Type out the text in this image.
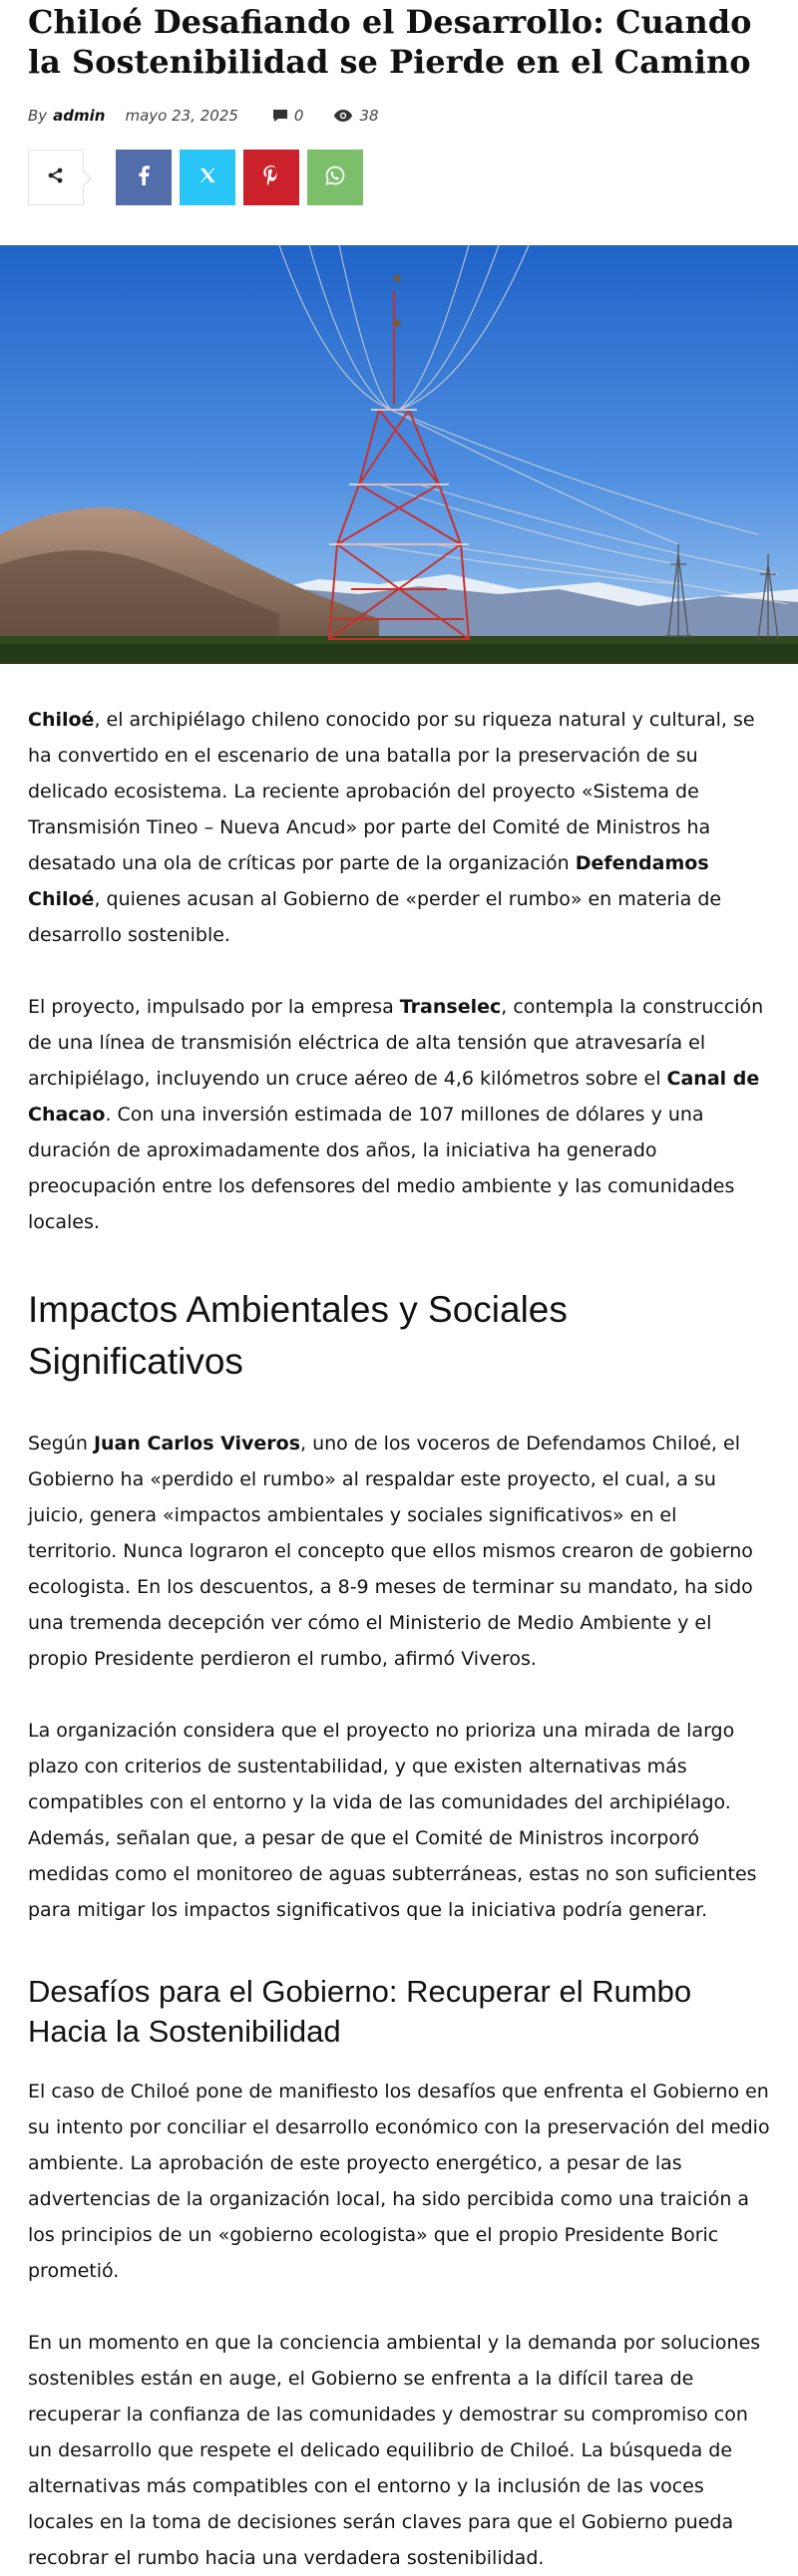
Chiloé Desafiando el Desarrollo: Cuando la Sostenibilidad se Pierde en el Camino
By admin mayo 23, 2025	0	38

Chiloé, el archipiélago chileno conocido por su riqueza natural y cultural, se ha convertido en el escenario de una batalla por la preservación de su delicado ecosistema. La reciente aprobación del proyecto «Sistema de Transmisión Tineo – Nueva Ancud» por parte del Comité de Ministros ha desatado una ola de críticas por parte de la organización Defendamos Chiloé, quienes acusan al Gobierno de «perder el rumbo» en materia de desarrollo sostenible.

El proyecto, impulsado por la empresa Transelec, contempla la construcción de una línea de transmisión eléctrica de alta tensión que atravesaría el archipiélago, incluyendo un cruce aéreo de 4,6 kilómetros sobre el Canal de Chacao. Con una inversión estimada de 107 millones de dólares y una duración de aproximadamente dos años, la iniciativa ha generado preocupación entre los defensores del medio ambiente y las comunidades locales.

Impactos Ambientales y Sociales Significativos

Según Juan Carlos Viveros, uno de los voceros de Defendamos Chiloé, el Gobierno ha «perdido el rumbo» al respaldar este proyecto, el cual, a su juicio, genera «impactos ambientales y sociales significativos» en el territorio. Nunca lograron el concepto que ellos mismos crearon de gobierno ecologista. En los descuentos, a 8-9 meses de terminar su mandato, ha sido una tremenda decepción ver cómo el Ministerio de Medio Ambiente y el propio Presidente perdieron el rumbo, afirmó Viveros.

La organización considera que el proyecto no prioriza una mirada de largo plazo con criterios de sustentabilidad, y que existen alternativas más compatibles con el entorno y la vida de las comunidades del archipiélago. Además, señalan que, a pesar de que el Comité de Ministros incorporó medidas como el monitoreo de aguas subterráneas, estas no son suficientes para mitigar los impactos significativos que la iniciativa podría generar.

Desafíos para el Gobierno: Recuperar el Rumbo Hacia la Sostenibilidad

El caso de Chiloé pone de manifiesto los desafíos que enfrenta el Gobierno en su intento por conciliar el desarrollo económico con la preservación del medio ambiente. La aprobación de este proyecto energético, a pesar de las advertencias de la organización local, ha sido percibida como una traición a los principios de un «gobierno ecologista» que el propio Presidente Boric prometió.

En un momento en que la conciencia ambiental y la demanda por soluciones sostenibles están en auge, el Gobierno se enfrenta a la difícil tarea de recuperar la confianza de las comunidades y demostrar su compromiso con un desarrollo que respete el delicado equilibrio de Chiloé. La búsqueda de alternativas más compatibles con el entorno y la inclusión de las voces locales en la toma de decisiones serán claves para que el Gobierno pueda recobrar el rumbo hacia una verdadera sostenibilidad.
